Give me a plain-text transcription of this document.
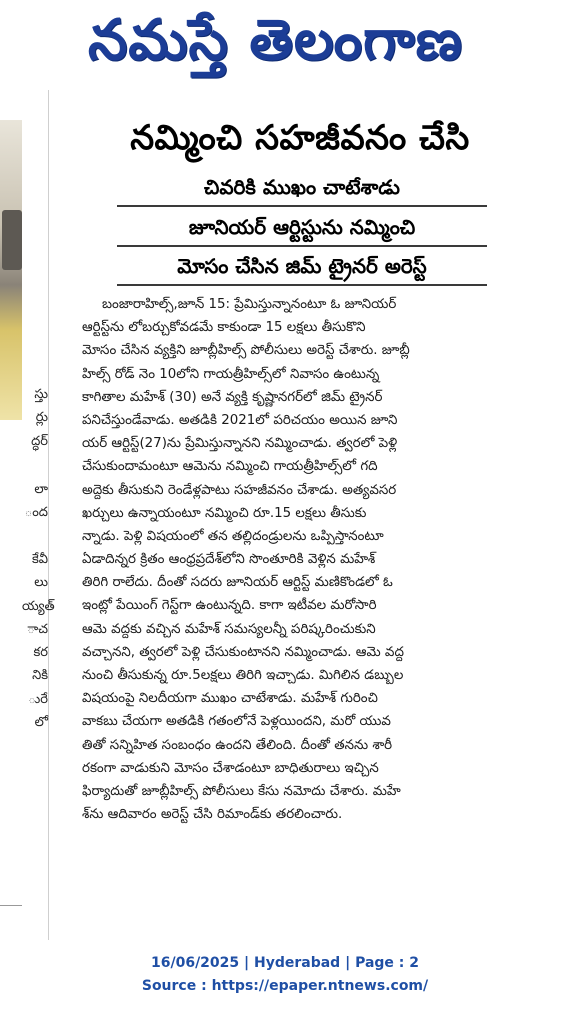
నమస్తే తెలంగాణ
స్తు
ర్లు
ద్ధర్
లా
ంద
కేవీ
లు
య్యత్
ాచ
కర
నికి
ురే
లో
నమ్మించి సహజీవనం చేసి
చివరికి ముఖం చాటేశాడు
జూనియర్ ఆర్టిస్టును నమ్మించి
మోసం చేసిన జిమ్ ట్రైనర్ అరెస్ట్

బంజారాహిల్స్,జూన్ 15: ప్రేమిస్తున్నానంటూ ఓ జూనియర్

ఆర్టిస్ట్‌ను లోబర్చుకోవడమే కాకుండా 15 లక్షలు తీసుకొని

మోసం చేసిన వ్యక్తిని జూబ్లీహిల్స్ పోలీసులు అరెస్ట్ చేశారు. జూబ్లీ

హిల్స్ రోడ్ నెం 10లోని గాయత్రీహిల్స్‌లో నివాసం ఉంటున్న

కాగితాల మహేశ్ (30) అనే వ్యక్తి కృష్ణానగర్‌లో జిమ్ ట్రైనర్

పనిచేస్తుండేవాడు. అతడికి 2021లో పరిచయం అయిన జూని

యర్ ఆర్టిస్ట్(27)ను ప్రేమిస్తున్నానని నమ్మించాడు. త్వరలో పెళ్లి

చేసుకుందామంటూ ఆమెను నమ్మించి గాయత్రీహిల్స్‌లో గది

అద్దెకు తీసుకుని రెండేళ్లపాటు సహజీవనం చేశాడు. అత్యవసర

ఖర్చులు ఉన్నాయంటూ నమ్మించి రూ.15 లక్షలు తీసుకు

న్నాడు. పెళ్లి విషయంలో తన తల్లిదండ్రులను ఒప్పిస్తానంటూ

ఏడాదిన్నర క్రితం ఆంధ్రప్రదేశ్‌లోని సొంతూరికి వెళ్లిన మహేశ్

తిరిగి రాలేదు. దీంతో సదరు జూనియర్ ఆర్టిస్ట్ మణికొండలో ఓ

ఇంట్లో పేయింగ్ గెస్ట్‌గా ఉంటున్నది. కాగా ఇటీవల మరోసారి

ఆమె వద్దకు వచ్చిన మహేశ్ సమస్యలన్నీ పరిష్కరించుకుని

వచ్చానని, త్వరలో పెళ్లి చేసుకుంటానని నమ్మించాడు. ఆమె వద్ద

నుంచి తీసుకున్న రూ.5లక్షలు తిరిగి ఇచ్చాడు. మిగిలిన డబ్బుల

విషయంపై నిలదీయగా ముఖం చాటేశాడు. మహేశ్ గురించి

వాకబు చేయగా అతడికి గతంలోనే పెళ్లయిందని, మరో యువ

తితో సన్నిహిత సంబంధం ఉందని తేలింది. దీంతో తనను శారీ

రకంగా వాడుకుని మోసం చేశాడంటూ బాధితురాలు ఇచ్చిన

ఫిర్యాదుతో జూబ్లీహిల్స్ పోలీసులు కేసు నమోదు చేశారు. మహే

శ్‌ను ఆదివారం అరెస్ట్ చేసి రిమాండ్‌కు తరలించారు.

16/06/2025 | Hyderabad | Page : 2
Source : https://epaper.ntnews.com/
